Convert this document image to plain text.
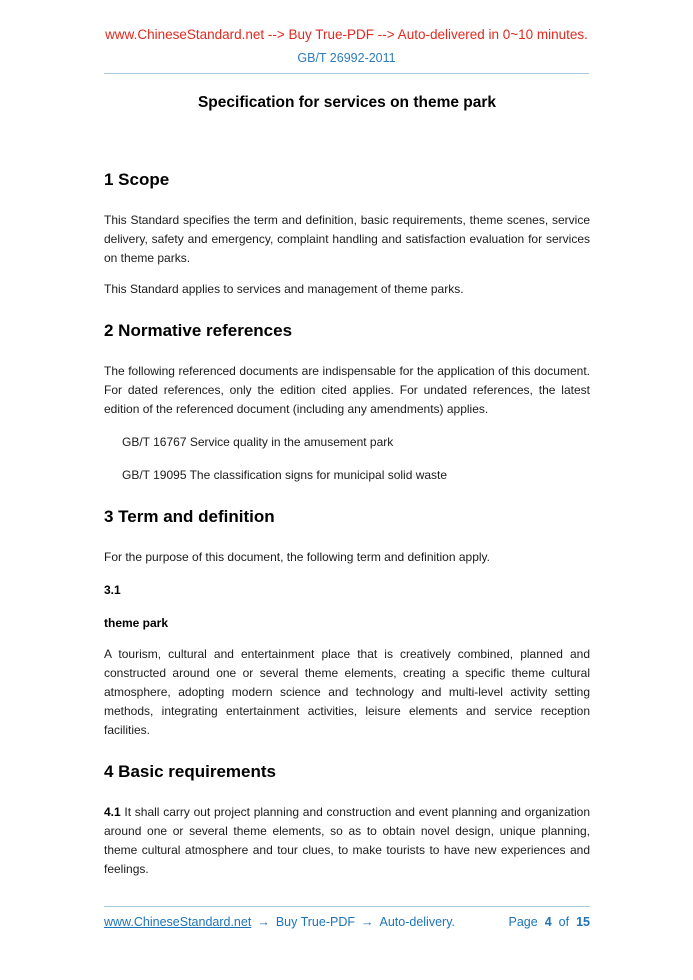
www.ChineseStandard.net --> Buy True-PDF --> Auto-delivered in 0~10 minutes.
GB/T 26992-2011
Specification for services on theme park
1 Scope

This Standard specifies the term and definition, basic requirements, theme scenes, service delivery, safety and emergency, complaint handling and satisfaction evaluation for services on theme parks.

This Standard applies to services and management of theme parks.

2 Normative references

The following referenced documents are indispensable for the application of this document. For dated references, only the edition cited applies. For undated references, the latest edition of the referenced document (including any amendments) applies.

GB/T 16767 Service quality in the amusement park

GB/T 19095 The classification signs for municipal solid waste

3 Term and definition

For the purpose of this document, the following term and definition apply.

3.1

theme park

A tourism, cultural and entertainment place that is creatively combined, planned and constructed around one or several theme elements, creating a specific theme cultural atmosphere, adopting modern science and technology and multi-level activity setting methods, integrating entertainment activities, leisure elements and service reception facilities.

4 Basic requirements

4.1 It shall carry out project planning and construction and event planning and organization around one or several theme elements, so as to obtain novel design, unique planning, theme cultural atmosphere and tour clues, to make tourists to have new experiences and feelings.

www.ChineseStandard.net → Buy True-PDF → Auto-delivery.	Page 4 of 15
